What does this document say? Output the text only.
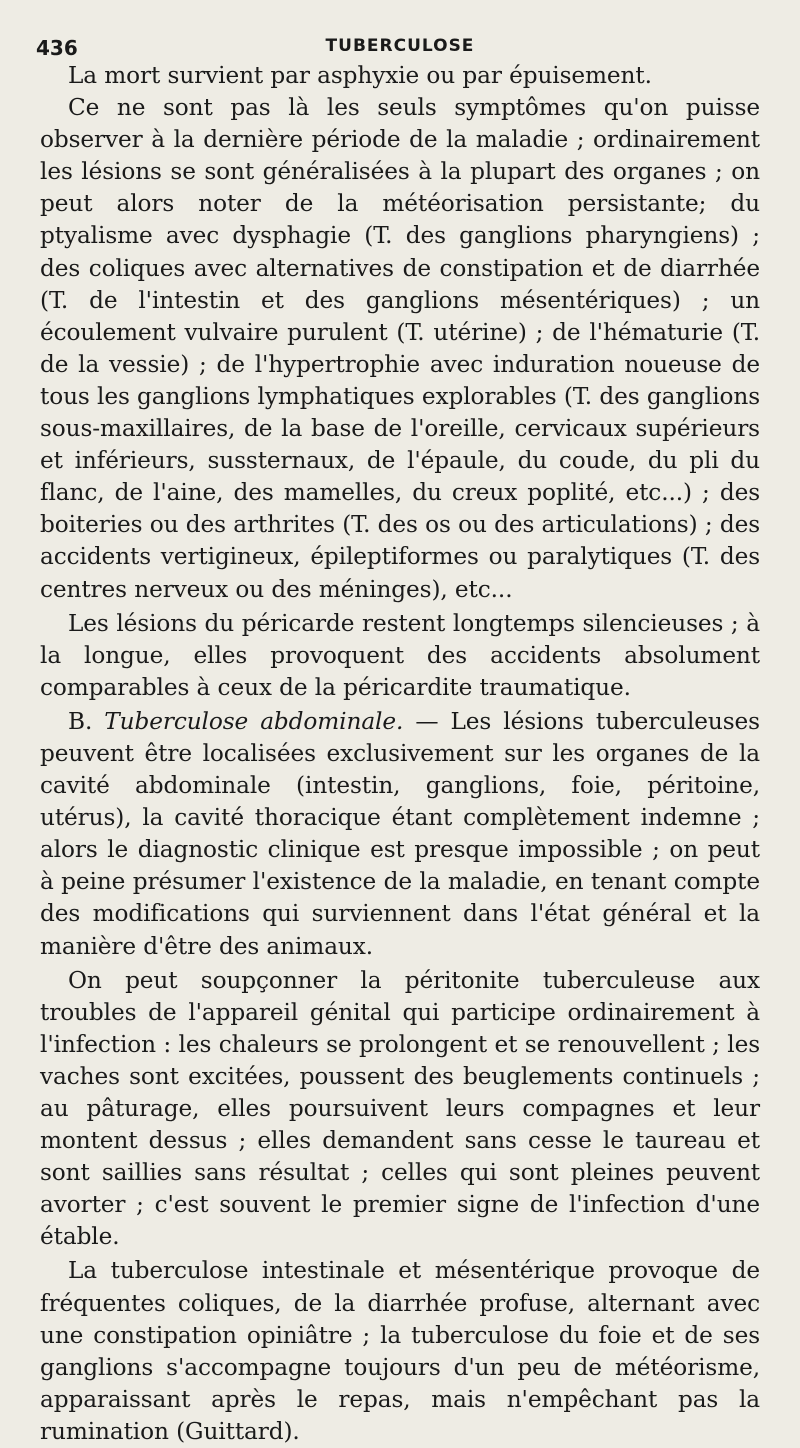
436	TUBERCULOSE

La mort survient par asphyxie ou par épuisement.

Ce ne sont pas là les seuls symptômes qu'on puisse observer à la dernière période de la maladie ; ordinairement les lésions se sont généralisées à la plupart des organes ; on peut alors noter de la météorisation persistante; du ptyalisme avec dysphagie (T. des ganglions pharyngiens) ; des coliques avec alternatives de constipation et de diarrhée (T. de l'intestin et des ganglions mésentériques) ; un écoulement vulvaire purulent (T. utérine) ; de l'hématurie (T. de la vessie) ; de l'hypertrophie avec induration noueuse de tous les ganglions lymphatiques explorables (T. des ganglions sous-maxillaires, de la base de l'oreille, cervicaux supérieurs et inférieurs, sussternaux, de l'épaule, du coude, du pli du flanc, de l'aine, des mamelles, du creux poplité, etc...) ; des boiteries ou des arthrites (T. des os ou des articulations) ; des accidents vertigineux, épileptiformes ou paralytiques (T. des centres nerveux ou des méninges), etc...

Les lésions du péricarde restent longtemps silencieuses ; à la longue, elles provoquent des accidents absolument comparables à ceux de la péricardite traumatique.

B. Tuberculose abdominale. — Les lésions tuberculeuses peuvent être localisées exclusivement sur les organes de la cavité abdominale (intestin, ganglions, foie, péritoine, utérus), la cavité thoracique étant complètement indemne ; alors le diagnostic clinique est presque impossible ; on peut à peine présumer l'existence de la maladie, en tenant compte des modifications qui surviennent dans l'état général et la manière d'être des animaux.

On peut soupçonner la péritonite tuberculeuse aux troubles de l'appareil génital qui participe ordinairement à l'infection : les chaleurs se prolongent et se renouvellent ; les vaches sont excitées, poussent des beuglements continuels ; au pâturage, elles poursuivent leurs compagnes et leur montent dessus ; elles demandent sans cesse le taureau et sont saillies sans résultat ; celles qui sont pleines peuvent avorter ; c'est souvent le premier signe de l'infection d'une étable.

La tuberculose intestinale et mésentérique provoque de fréquentes coliques, de la diarrhée profuse, alternant avec une constipation opiniâtre ; la tuberculose du foie et de ses ganglions s'accompagne toujours d'un peu de météorisme, apparaissant après le repas, mais n'empêchant pas la rumination (Guittard).
